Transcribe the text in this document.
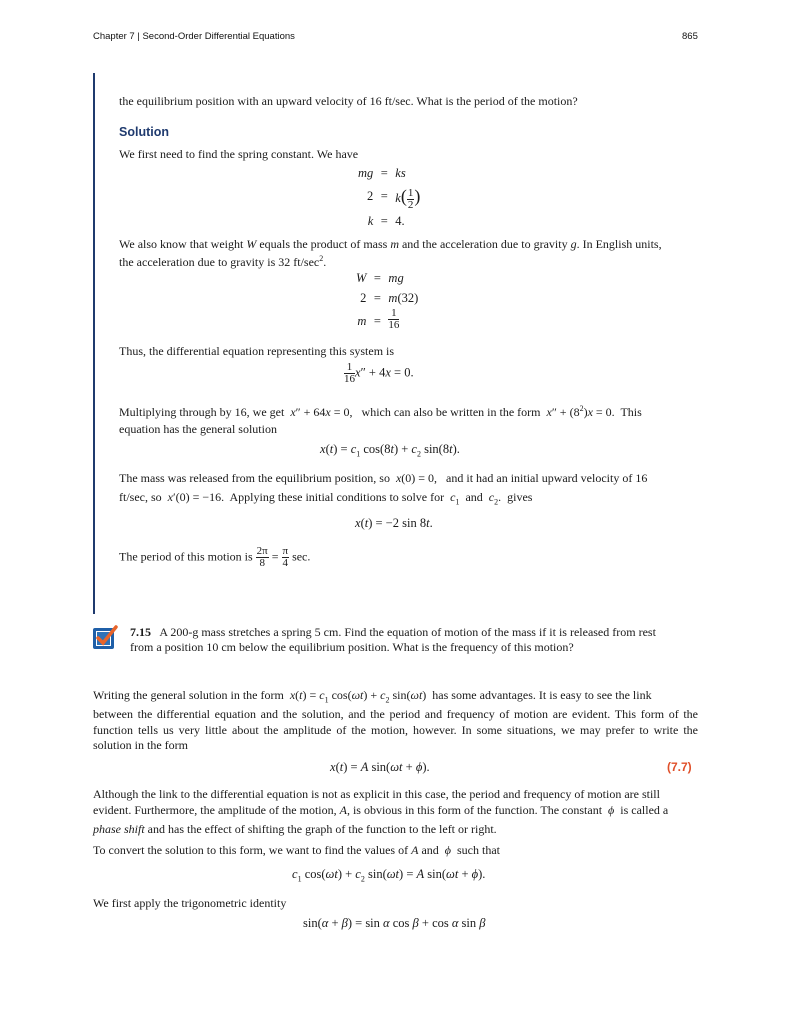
Chapter 7 | Second-Order Differential Equations	865
the equilibrium position with an upward velocity of 16 ft/sec. What is the period of the motion?
Solution
We first need to find the spring constant. We have
mg = ks
$2 = k( \frac{1}{2}$ )
k = 4.
We also know that weight W equals the product of mass m and the acceleration due to gravity g. In English units,
the acceleration due to gravity is 32 $ft/\sec^2$.
W = mg
2 = m(32)
$m = \frac{1}{16}$
Thus, the differential equation representing this system is
$\frac{1}{16} x'' + 4x = 0$.
Multiplying through by 16, we get x″ + 64x = 0,   which can also be written in the form $x'' + (8^2)x = 0$.  This
equation has the general solution
$x(t) = c_1$ $\cos(8t) + c_2$ sin(8t).
The mass was released from the equilibrium position, so x(0) = 0,   and it had an initial upward velocity of 16
ft/sec, so x′(0) = −16.  Applying these initial conditions to solve for $c_1$ and $c_2$.  gives
x(t) = −2 sin 8t.
The period of this motion is $\frac{2\pi}{8} = \frac{\pi}{4} \sec$.
7.15 A 200-g mass stretches a spring 5 cm. Find the equation of motion of the mass if it is released from rest
from a position 10 cm below the equilibrium position. What is the frequency of this motion?
Writing the general solution in the form $x(t) = c_1$ $\cos(\omega t) + c_2$ sin(ωt)  has some advantages. It is easy to see the link
between the differential equation and the solution, and the period and frequency of motion are evident. This form of the function tells us very little about the amplitude of the motion, however. In some situations, we may prefer to write the solution in the form
x(t) = A sin(ωt + ϕ).	(7.7)
Although the link to the differential equation is not as explicit in this case, the period and frequency of motion are still
evident. Furthermore, the amplitude of the motion, A, is obvious in this form of the function. The constant  ϕ is called a
phase shift and has the effect of shifting the graph of the function to the left or right.
To convert the solution to this form, we want to find the values of A and  ϕ such that
$c_1$ $\cos(\omega t) + c_2$ sin(ωt) = A sin(ωt + ϕ).
We first apply the trigonometric identity
sin(α + β) = sin α cos β + cos α sin β
